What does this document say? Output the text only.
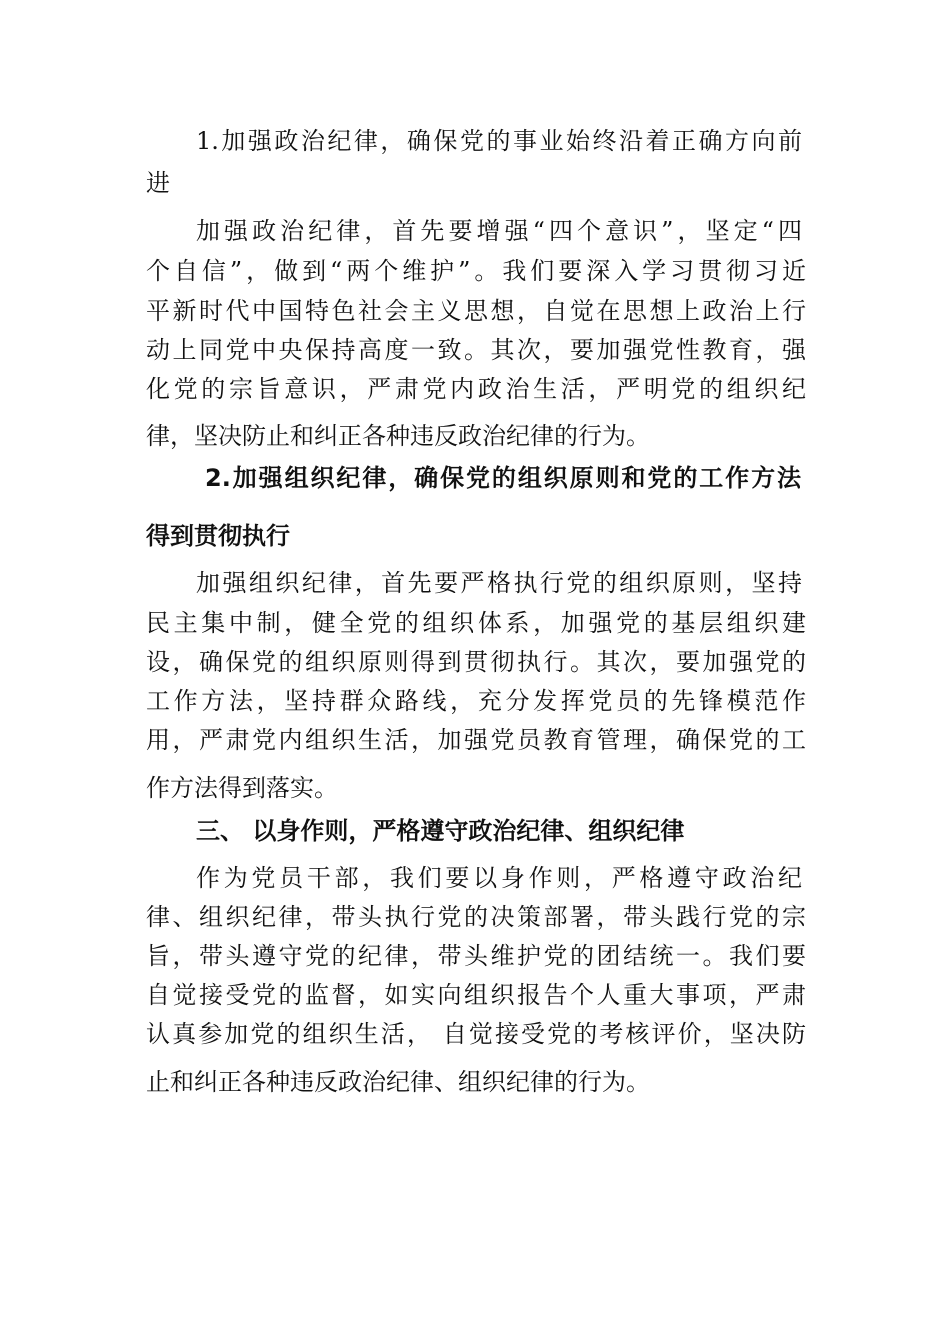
1.加强政治纪律，确保党的事业始终沿着正确方向前
进
加强政治纪律，首先要增强“四个意识”，坚定“四
个自信”，做到“两个维护”。我们要深入学习贯彻习近
平新时代中国特色社会主义思想，自觉在思想上政治上行
动上同党中央保持高度一致。其次，要加强党性教育，强
化党的宗旨意识，严肃党内政治生活，严明党的组织纪
律，坚决防止和纠正各种违反政治纪律的行为。
2.加强组织纪律，确保党的组织原则和党的工作方法
得到贯彻执行
加强组织纪律，首先要严格执行党的组织原则，坚持
民主集中制，健全党的组织体系，加强党的基层组织建
设，确保党的组织原则得到贯彻执行。其次，要加强党的
工作方法，坚持群众路线，充分发挥党员的先锋模范作
用，严肃党内组织生活，加强党员教育管理，确保党的工
作方法得到落实。
三、 以身作则，严格遵守政治纪律、组织纪律
作为党员干部，我们要以身作则，严格遵守政治纪
律、组织纪律，带头执行党的决策部署，带头践行党的宗
旨，带头遵守党的纪律，带头维护党的团结统一。我们要
自觉接受党的监督，如实向组织报告个人重大事项，严肃
认真参加党的组织生活， 自觉接受党的考核评价，坚决防
止和纠正各种违反政治纪律、组织纪律的行为。
